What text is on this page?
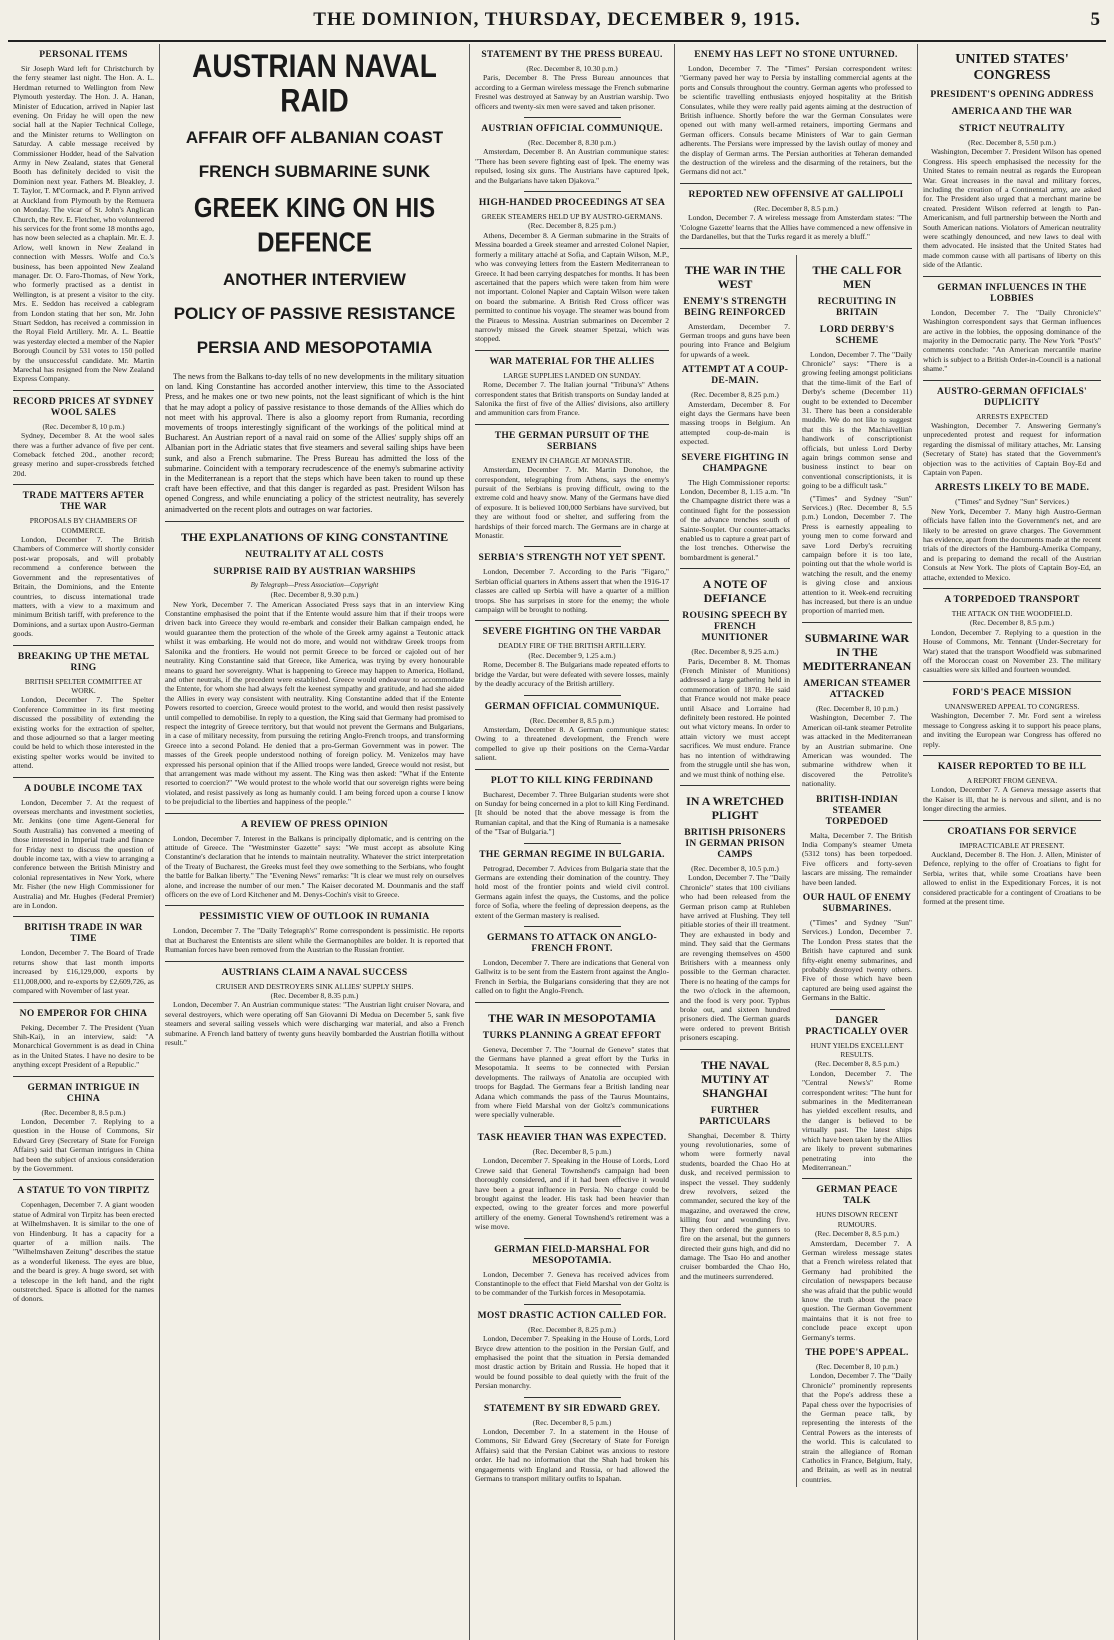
THE DOMINION, THURSDAY, DECEMBER 9, 1915.	5
PERSONAL ITEMS

Sir Joseph Ward left for Christchurch by the ferry steamer last night. The Hon. A. L. Herdman returned to Wellington from New Plymouth yesterday. The Hon. J. A. Hanan, Minister of Education, arrived in Napier last evening. On Friday he will open the new social hall at the Napier Technical College, and the Minister returns to Wellington on Saturday. A cable message received by Commissioner Hodder, head of the Salvation Army in New Zealand, states that General Booth has definitely decided to visit the Dominion next year. Fathers M. Bleakley, J. T. Taylor, T. M'Cormack, and P. Flynn arrived at Auckland from Plymouth by the Remuera on Monday. The vicar of St. John's Anglican Church, the Rev. E. Fletcher, who volunteered his services for the front some 18 months ago, has now been selected as a chaplain. Mr. E. J. Arlow, well known in New Zealand in connection with Messrs. Wolfe and Co.'s business, has been appointed New Zealand manager. Dr. O. Faro-Thomas, of New York, who formerly practised as a dentist in Wellington, is at present a visitor to the city. Mrs. E. Seddon has received a cablegram from London stating that her son, Mr. John Stuart Seddon, has received a commission in the Royal Field Artillery. Mr. A. L. Beattie was yesterday elected a member of the Napier Borough Council by 531 votes to 150 polled by the unsuccessful candidate. Mr. Martin Marechal has resigned from the New Zealand Express Company.

RECORD PRICES AT SYDNEY WOOL SALES
(Rec. December 8, 10 p.m.)

Sydney, December 8. At the wool sales there was a further advance of five per cent. Comeback fetched 20d., another record; greasy merino and super-crossbreds fetched 20d.

TRADE MATTERS AFTER THE WAR
PROPOSALS BY CHAMBERS OF COMMERCE.

London, December 7. The British Chambers of Commerce will shortly consider post-war proposals, and will probably recommend a conference between the Government and the representatives of Britain, the Dominions, and the Entente countries, to discuss international trade matters, with a view to a maximum and minimum British tariff, with preference to the Dominions, and a surtax upon Austro-German goods.

BREAKING UP THE METAL RING
BRITISH SPELTER COMMITTEE AT WORK.

London, December 7. The Spelter Conference Committee in its first meeting discussed the possibility of extending the existing works for the extraction of spelter, and those adjourned so that a larger meeting could be held to which those interested in the existing spelter works would be invited to attend.

A DOUBLE INCOME TAX

London, December 7. At the request of overseas merchants and investment societies, Mr. Jenkins (one time Agent-General for South Australia) has convened a meeting of those interested in Imperial trade and finance for Friday next to discuss the question of double income tax, with a view to arranging a conference between the British Ministry and colonial representatives in New York, where Mr. Fisher (the new High Commissioner for Australia) and Mr. Hughes (Federal Premier) are in London.

BRITISH TRADE IN WAR TIME

London, December 7. The Board of Trade returns show that last month imports increased by £16,129,000, exports by £11,008,000, and re-exports by £2,609,726, as compared with November of last year.

NO EMPEROR FOR CHINA

Peking, December 7. The President (Yuan Shih-Kai), in an interview, said: "A Monarchical Government is as dead in China as in the United States. I have no desire to be anything except President of a Republic."

GERMAN INTRIGUE IN CHINA
(Rec. December 8, 8.5 p.m.)

London, December 7. Replying to a question in the House of Commons, Sir Edward Grey (Secretary of State for Foreign Affairs) said that German intrigues in China had been the subject of anxious consideration by the Government.

A STATUE TO VON TIRPITZ

Copenhagen, December 7. A giant wooden statue of Admiral von Tirpitz has been erected at Wilhelmshaven. It is similar to the one of von Hindenburg. It has a capacity for a quarter of a million nails. The "Wilhelmshaven Zeitung" describes the statue as a wonderful likeness. The eyes are blue, and the beard is grey. A huge sword, set with a telescope in the left hand, and the right outstretched. Space is allotted for the names of donors.

AUSTRIAN NAVAL RAID
AFFAIR OFF ALBANIAN COAST
FRENCH SUBMARINE SUNK
GREEK KING ON HIS DEFENCE
ANOTHER INTERVIEW
POLICY OF PASSIVE RESISTANCE
PERSIA AND MESOPOTAMIA

The news from the Balkans to-day tells of no new developments in the military situation on land. King Constantine has accorded another interview, this time to the Associated Press, and he makes one or two new points, not the least significant of which is the hint that he may adopt a policy of passive resistance to those demands of the Allies which do not meet with his approval. There is also a gloomy report from Rumania, recording movements of troops interestingly significant of the workings of the political mind at Bucharest. An Austrian report of a naval raid on some of the Allies' supply ships off an Albanian port in the Adriatic states that five steamers and several sailing ships have been sunk, and also a French submarine. The Press Bureau has admitted the loss of the submarine. Coincident with a temporary recrudescence of the enemy's submarine activity in the Mediterranean is a report that the steps which have been taken to round up these craft have been effective, and that this danger is regarded as past. President Wilson has opened Congress, and while enunciating a policy of the strictest neutrality, has severely animadverted on the recent plots and outrages on war factories.

THE EXPLANATIONS OF KING CONSTANTINE
NEUTRALITY AT ALL COSTS
SURPRISE RAID BY AUSTRIAN WARSHIPS
By Telegraph—Press Association—Copyright
(Rec. December 8, 9.30 p.m.)

New York, December 7. The American Associated Press says that in an interview King Constantine emphasised the point that if the Entente would assure him that if their troops were driven back into Greece they would re-embark and consider their Balkan campaign ended, he would guarantee them the protection of the whole of the Greek army against a Teutonic attack whilst it was embarking. He would not do more, and would not withdraw Greek troops from Salonika and the frontiers. He would not permit Greece to be forced or cajoled out of her neutrality. King Constantine said that Greece, like America, was trying by every honourable means to guard her sovereignty. What is happening to Greece may happen to America, Holland, and other neutrals, if the precedent were established. Greece would endeavour to accommodate the Entente, for whom she had always felt the keenest sympathy and gratitude, and had she aided the Allies in every way consistent with neutrality. King Constantine added that if the Entente Powers resorted to coercion, Greece would protest to the world, and would then resist passively until compelled to demobilise. In reply to a question, the King said that Germany had promised to respect the integrity of Greece territory, but that would not prevent the Germans and Bulgarians, in a case of military necessity, from pursuing the retiring Anglo-French troops, and transforming Greece into a second Poland. He denied that a pro-German Government was in power. The masses of the Greek people understood nothing of foreign policy. M. Venizelos may have expressed his personal opinion that if the Allied troops were landed, Greece would not resist, but that arrangement was made without my assent. The King was then asked: "What if the Entente resorted to coercion?" "We would protest to the whole world that our sovereign rights were being violated, and resist passively as long as humanly could. I am being forced upon a course I know to be prejudicial to the liberties and happiness of the people."

A REVIEW OF PRESS OPINION

London, December 7. Interest in the Balkans is principally diplomatic, and is centring on the attitude of Greece. The "Westminster Gazette" says: "We must accept as absolute King Constantine's declaration that he intends to maintain neutrality. Whatever the strict interpretation of the Treaty of Bucharest, the Greeks must feel they owe something to the Serbians, who fought the battle for Balkan liberty." The "Evening News" remarks: "It is clear we must rely on ourselves alone, and increase the number of our men." The Kaiser decorated M. Dounmanis and the staff officers on the eve of Lord Kitchener and M. Denys-Cochin's visit to Greece.

PESSIMISTIC VIEW OF OUTLOOK IN RUMANIA

London, December 7. The "Daily Telegraph's" Rome correspondent is pessimistic. He reports that at Bucharest the Ententists are silent while the Germanophiles are bolder. It is reported that Rumanian forces have been removed from the Austrian to the Russian frontier.

AUSTRIANS CLAIM A NAVAL SUCCESS
CRUISER AND DESTROYERS SINK ALLIES' SUPPLY SHIPS.
(Rec. December 8, 8.35 p.m.)

London, December 7. An Austrian communique states: "The Austrian light cruiser Novara, and several destroyers, which were operating off San Giovanni Di Medua on December 5, sank five steamers and several sailing vessels which were discharging war material, and also a French submarine. A French land battery of twenty guns heavily bombarded the Austrian flotilla without result."

STATEMENT BY THE PRESS BUREAU.
(Rec. December 8, 10.30 p.m.)

Paris, December 8. The Press Bureau announces that according to a German wireless message the French submarine Fresnel was destroyed at Sanway by an Austrian warship. Two officers and twenty-six men were saved and taken prisoner.

AUSTRIAN OFFICIAL COMMUNIQUE.
(Rec. December 8, 8.30 p.m.)

Amsterdam, December 8. An Austrian communique states: "There has been severe fighting east of Ipek. The enemy was repulsed, losing six guns. The Austrians have captured Ipek, and the Bulgarians have taken Djakova."

HIGH-HANDED PROCEEDINGS AT SEA
GREEK STEAMERS HELD UP BY AUSTRO-GERMANS.
(Rec. December 8, 8.25 p.m.)

Athens, December 8. A German submarine in the Straits of Messina boarded a Greek steamer and arrested Colonel Napier, formerly a military attaché at Sofia, and Captain Wilson, M.P., who was conveying letters from the Eastern Mediterranean to Greece. It had been carrying despatches for months. It has been ascertained that the papers which were taken from him were not important. Colonel Napier and Captain Wilson were taken on board the submarine. A British Red Cross officer was permitted to continue his voyage. The steamer was bound from the Piraeus to Messina. Austrian submarines on December 2 narrowly missed the Greek steamer Spetzai, which was stopped.

WAR MATERIAL FOR THE ALLIES
LARGE SUPPLIES LANDED ON SUNDAY.

Rome, December 7. The Italian journal "Tribuna's" Athens correspondent states that British transports on Sunday landed at Salonika the first of five of the Allies' divisions, also artillery and ammunition cars from France.

THE GERMAN PURSUIT OF THE SERBIANS
ENEMY IN CHARGE AT MONASTIR.

Amsterdam, December 7. Mr. Martin Donohoe, the correspondent, telegraphing from Athens, says the enemy's pursuit of the Serbians is proving difficult, owing to the extreme cold and heavy snow. Many of the Germans have died of exposure. It is believed 100,000 Serbians have survived, but they are without food or shelter, and suffering from the hardships of their forced march. The Germans are in charge at Monastir.

SERBIA'S STRENGTH NOT YET SPENT.

London, December 7. According to the Paris "Figaro," Serbian official quarters in Athens assert that when the 1916-17 classes are called up Serbia will have a quarter of a million troops. She has surprises in store for the enemy; the whole campaign will be brought to nothing.

SEVERE FIGHTING ON THE VARDAR
DEADLY FIRE OF THE BRITISH ARTILLERY.
(Rec. December 9, 1.25 a.m.)

Rome, December 8. The Bulgarians made repeated efforts to bridge the Vardar, but were defeated with severe losses, mainly by the deadly accuracy of the British artillery.

GERMAN OFFICIAL COMMUNIQUE.
(Rec. December 8, 8.5 p.m.)

Amsterdam, December 8. A German communique states: Owing to a threatened development, the French were compelled to give up their positions on the Cerna-Vardar salient.

PLOT TO KILL KING FERDINAND

Bucharest, December 7. Three Bulgarian students were shot on Sunday for being concerned in a plot to kill King Ferdinand. [It should be noted that the above message is from the Rumanian capital, and that the King of Rumania is a namesake of the "Tsar of Bulgaria."]

THE GERMAN REGIME IN BULGARIA.

Petrograd, December 7. Advices from Bulgaria state that the Germans are extending their domination of the country. They hold most of the frontier points and wield civil control. Germans again infest the quays, the Customs, and the police force of Sofia, where the feeling of depression deepens, as the extent of the German mastery is realised.

GERMANS TO ATTACK ON ANGLO-FRENCH FRONT.

London, December 7. There are indications that General von Gallwitz is to be sent from the Eastern front against the Anglo-French in Serbia, the Bulgarians considering that they are not called on to fight the Anglo-French.

THE WAR IN MESOPOTAMIA
TURKS PLANNING A GREAT EFFORT

Geneva, December 7. The "Journal de Geneve" states that the Germans have planned a great effort by the Turks in Mesopotamia. It seems to be connected with Persian developments. The railways of Anatolia are occupied with troops for Bagdad. The Germans fear a British landing near Adana which commands the pass of the Taurus Mountains, from where Field Marshal von der Goltz's communications were specially vulnerable.

TASK HEAVIER THAN WAS EXPECTED.
(Rec. December 8, 5 p.m.)

London, December 7. Speaking in the House of Lords, Lord Crewe said that General Townshend's campaign had been thoroughly considered, and if it had been effective it would have been a great influence in Persia. No charge could be brought against the leader. His task had been heavier than expected, owing to the greater forces and more powerful artillery of the enemy. General Townshend's retirement was a wise move.

GERMAN FIELD-MARSHAL FOR MESOPOTAMIA.

London, December 7. Geneva has received advices from Constantinople to the effect that Field Marshal von der Goltz is to be commander of the Turkish forces in Mesopotamia.

MOST DRASTIC ACTION CALLED FOR.
(Rec. December 8, 8.25 p.m.)

London, December 7. Speaking in the House of Lords, Lord Bryce drew attention to the position in the Persian Gulf, and emphasised the point that the situation in Persia demanded most drastic action by Britain and Russia. He hoped that it would be found possible to deal quietly with the fruit of the Persian monarchy.

STATEMENT BY SIR EDWARD GREY.
(Rec. December 8, 5 p.m.)

London, December 7. In a statement in the House of Commons, Sir Edward Grey (Secretary of State for Foreign Affairs) said that the Persian Cabinet was anxious to restore order. He had no information that the Shah had broken his engagements with England and Russia, or had allowed the Germans to transport military outfits to Ispahan.

ENEMY HAS LEFT NO STONE UNTURNED.

London, December 7. The "Times" Persian correspondent writes: "Germany paved her way to Persia by installing commercial agents at the ports and Consuls throughout the country. German agents who professed to be scientific travelling enthusiasts enjoyed hospitality at the British Consulates, while they were really paid agents aiming at the destruction of British influence. Shortly before the war the German Consulates were opened out with many well-armed retainers, importing Germans and German officers. Consuls became Ministers of War to gain German adherents. The Persians were impressed by the lavish outlay of money and the display of German arms. The Persian authorities at Teheran demanded the destruction of the wireless and the disarming of the retainers, but the Germans did not act."

REPORTED NEW OFFENSIVE AT GALLIPOLI
(Rec. December 8, 8.5 p.m.)

London, December 7. A wireless message from Amsterdam states: "The 'Cologne Gazette' learns that the Allies have commenced a new offensive in the Dardanelles, but that the Turks regard it as merely a bluff."

THE WAR IN THE WEST
ENEMY'S STRENGTH BEING REINFORCED

Amsterdam, December 7. German troops and guns have been pouring into France and Belgium for upwards of a week.

ATTEMPT AT A COUP-DE-MAIN.
(Rec. December 8, 8.25 p.m.)

Amsterdam, December 8. For eight days the Germans have been massing troops in Belgium. An attempted coup-de-main is expected.

SEVERE FIGHTING IN CHAMPAGNE

The High Commissioner reports: London, December 8, 1.15 a.m. "In the Champagne district there was a continued fight for the possession of the advance trenches south of Sainte-Souplet. Our counter-attacks enabled us to capture a great part of the lost trenches. Otherwise the bombardment is general."

A NOTE OF DEFIANCE
ROUSING SPEECH BY FRENCH MUNITIONER
(Rec. December 8, 9.25 a.m.)

Paris, December 8. M. Thomas (French Minister of Munitions) addressed a large gathering held in commemoration of 1870. He said that France would not make peace until Alsace and Lorraine had definitely been restored. He pointed out what victory means. In order to attain victory we must accept sacrifices. We must endure. France has no intention of withdrawing from the struggle until she has won, and we must think of nothing else.

IN A WRETCHED PLIGHT
BRITISH PRISONERS IN GERMAN PRISON CAMPS
(Rec. December 8, 10.5 p.m.)

London, December 7. The "Daily Chronicle" states that 100 civilians who had been released from the German prison camp at Ruhleben have arrived at Flushing. They tell pitiable stories of their ill treatment. They are exhausted in body and mind. They said that the Germans are revenging themselves on 4500 Britishers with a meanness only possible to the German character. There is no heating of the camps for the two o'clock in the afternoon, and the food is very poor. Typhus broke out, and sixteen hundred prisoners died. The German guards were ordered to prevent British prisoners escaping.

THE NAVAL MUTINY AT SHANGHAI
FURTHER PARTICULARS

Shanghai, December 8. Thirty young revolutionaries, some of whom were formerly naval students, boarded the Chao Ho at dusk, and received permission to inspect the vessel. They suddenly drew revolvers, seized the commander, secured the key of the magazine, and overawed the crew, killing four and wounding five. They then ordered the gunners to fire on the arsenal, but the gunners directed their guns high, and did no damage. The Tsao Ho and another cruiser bombarded the Chao Ho, and the mutineers surrendered.

THE CALL FOR MEN
RECRUITING IN BRITAIN
LORD DERBY'S SCHEME

London, December 7. The "Daily Chronicle" says: "There is a growing feeling amongst politicians that the time-limit of the Earl of Derby's scheme (December 11) ought to be extended to December 31. There has been a considerable muddle. We do not like to suggest that this is the Machiavellian handiwork of conscriptionist officials, but unless Lord Derby again brings common sense and business instinct to bear on conventional conscriptionists, it is going to be a difficult task."

("Times" and Sydney "Sun" Services.) (Rec. December 8, 5.5 p.m.) London, December 7. The Press is earnestly appealing to young men to come forward and save Lord Derby's recruiting campaign before it is too late, pointing out that the whole world is watching the result, and the enemy is giving close and anxious attention to it. Week-end recruiting has increased, but there is an undue proportion of married men.

SUBMARINE WAR IN THE MEDITERRANEAN
AMERICAN STEAMER ATTACKED
(Rec. December 8, 10 p.m.)

Washington, December 7. The American oil-tank steamer Petrolite was attacked in the Mediterranean by an Austrian submarine. One American was wounded. The submarine withdrew when it discovered the Petrolite's nationality.

BRITISH-INDIAN STEAMER TORPEDOED

Malta, December 7. The British India Company's steamer Umeta (5312 tons) has been torpedoed. Five officers and forty-seven lascars are missing. The remainder have been landed.

OUR HAUL OF ENEMY SUBMARINES.

("Times" and Sydney "Sun" Services.) London, December 7. The London Press states that the British have captured and sunk fifty-eight enemy submarines, and probably destroyed twenty others. Five of those which have been captured are being used against the Germans in the Baltic.

DANGER PRACTICALLY OVER
HUNT YIELDS EXCELLENT RESULTS.
(Rec. December 8, 8.5 p.m.)

London, December 7. The "Central News's" Rome correspondent writes: "The hunt for submarines in the Mediterranean has yielded excellent results, and the danger is believed to be virtually past. The latest ships which have been taken by the Allies are likely to prevent submarines penetrating into the Mediterranean."

GERMAN PEACE TALK
HUNS DISOWN RECENT RUMOURS.
(Rec. December 8, 8.5 p.m.)

Amsterdam, December 7. A German wireless message states that a French wireless related that Germany had prohibited the circulation of newspapers because she was afraid that the public would know the truth about the peace question. The German Government maintains that it is not free to conclude peace except upon Germany's terms.

THE POPE'S APPEAL.
(Rec. December 8, 10 p.m.)

London, December 7. The "Daily Chronicle" prominently represents that the Pope's address these a Papal chess over the hypocrisies of the German peace talk, by representing the interests of the Central Powers as the interests of the world. This is calculated to strain the allegiance of Roman Catholics in France, Belgium, Italy, and Britain, as well as in neutral countries.

UNITED STATES' CONGRESS
PRESIDENT'S OPENING ADDRESS
AMERICA AND THE WAR
STRICT NEUTRALITY
(Rec. December 8, 5.50 p.m.)

Washington, December 7. President Wilson has opened Congress. His speech emphasised the necessity for the United States to remain neutral as regards the European War. Great increases in the naval and military forces, including the creation of a Continental army, are asked for. The President also urged that a merchant marine be created. President Wilson referred at length to Pan-Americanism, and full partnership between the North and South American nations. Violators of American neutrality were scathingly denounced, and new laws to deal with them advocated. He insisted that the United States had made common cause with all partisans of liberty on this side of the Atlantic.

GERMAN INFLUENCES IN THE LOBBIES

London, December 7. The "Daily Chronicle's" Washington correspondent says that German influences are active in the lobbies, the opposing dominance of the majority in the Democratic party. The New York "Post's" comments conclude: "An American mercantile marine which is subject to a British Order-in-Council is a national shame."

AUSTRO-GERMAN OFFICIALS' DUPLICITY
ARRESTS EXPECTED

Washington, December 7. Answering Germany's unprecedented protest and request for information regarding the dismissal of military attaches, Mr. Lansing (Secretary of State) has stated that the Government's objection was to the activities of Captain Boy-Ed and Captain von Papen.

ARRESTS LIKELY TO BE MADE.
("Times" and Sydney "Sun" Services.)

New York, December 7. Many high Austro-German officials have fallen into the Government's net, and are likely to be arrested on grave charges. The Government has evidence, apart from the documents made at the recent trials of the directors of the Hamburg-Amerika Company, and is preparing to demand the recall of the Austrian Consuls at New York. The plots of Captain Boy-Ed, an attache, extended to Mexico.

A TORPEDOED TRANSPORT
THE ATTACK ON THE WOODFIELD.
(Rec. December 8, 8.5 p.m.)

London, December 7. Replying to a question in the House of Commons, Mr. Tennant (Under-Secretary for War) stated that the transport Woodfield was submarined off the Moroccan coast on November 23. The military casualties were six killed and fourteen wounded.

FORD'S PEACE MISSION
UNANSWERED APPEAL TO CONGRESS.

Washington, December 7. Mr. Ford sent a wireless message to Congress asking it to support his peace plans, and inviting the European war Congress has offered no reply.

KAISER REPORTED TO BE ILL
A REPORT FROM GENEVA.

London, December 7. A Geneva message asserts that the Kaiser is ill, that he is nervous and silent, and is no longer directing the armies.

CROATIANS FOR SERVICE
IMPRACTICABLE AT PRESENT.

Auckland, December 8. The Hon. J. Allen, Minister of Defence, replying to the offer of Croatians to fight for Serbia, writes that, while some Croatians have been allowed to enlist in the Expeditionary Forces, it is not considered practicable for a contingent of Croatians to be formed at the present time.
